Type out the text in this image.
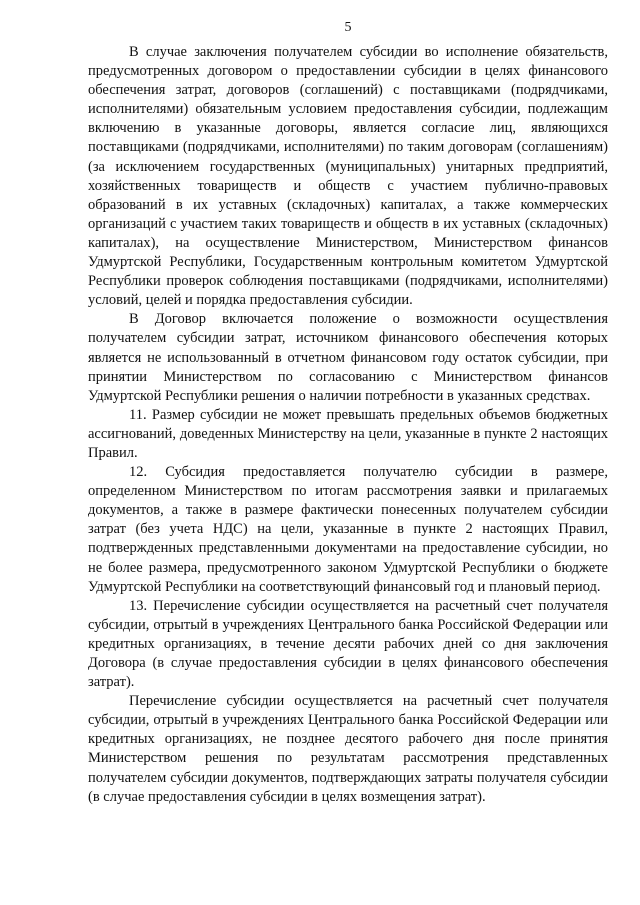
5

В случае заключения получателем субсидии во исполнение обязательств, предусмотренных договором о предоставлении субсидии в целях финансового обеспечения затрат, договоров (соглашений) с поставщиками (подрядчиками, исполнителями) обязательным условием предоставления субсидии, подлежащим включению в указанные договоры, является согласие лиц, являющихся поставщиками (подрядчиками, исполнителями) по таким договорам (соглашениям) (за исключением государственных (муниципальных) унитарных предприятий, хозяйственных товариществ и обществ с участием публично-правовых образований в их уставных (складочных) капиталах, а также коммерческих организаций с участием таких товариществ и обществ в их уставных (складочных) капиталах), на осуществление Министерством, Министерством финансов Удмуртской Республики, Государственным контрольным комитетом Удмуртской Республики проверок соблюдения поставщиками (подрядчиками, исполнителями) условий, целей и порядка предоставления субсидии.

В Договор включается положение о возможности осуществления получателем субсидии затрат, источником финансового обеспечения которых является не использованный в отчетном финансовом году остаток субсидии, при принятии Министерством по согласованию с Министерством финансов Удмуртской Республики решения о наличии потребности в указанных средствах.

11. Размер субсидии не может превышать предельных объемов бюджетных ассигнований, доведенных Министерству на цели, указанные в пункте 2 настоящих Правил.

12. Субсидия предоставляется получателю субсидии в размере, определенном Министерством по итогам рассмотрения заявки и прилагаемых документов, а также в размере фактически понесенных получателем субсидии затрат (без учета НДС) на цели, указанные в пункте 2 настоящих Правил, подтвержденных представленными документами на предоставление субсидии, но не более размера, предусмотренного законом Удмуртской Республики о бюджете Удмуртской Республики на соответствующий финансовый год и плановый период.

13. Перечисление субсидии осуществляется на расчетный счет получателя субсидии, отрытый в учреждениях Центрального банка Российской Федерации или кредитных организациях, в течение десяти рабочих дней со дня заключения Договора (в случае предоставления субсидии в целях финансового обеспечения затрат).

Перечисление субсидии осуществляется на расчетный счет получателя субсидии, отрытый в учреждениях Центрального банка Российской Федерации или кредитных организациях, не позднее десятого рабочего дня после принятия Министерством решения по результатам рассмотрения представленных получателем субсидии документов, подтверждающих затраты получателя субсидии (в случае предоставления субсидии в целях возмещения затрат).
